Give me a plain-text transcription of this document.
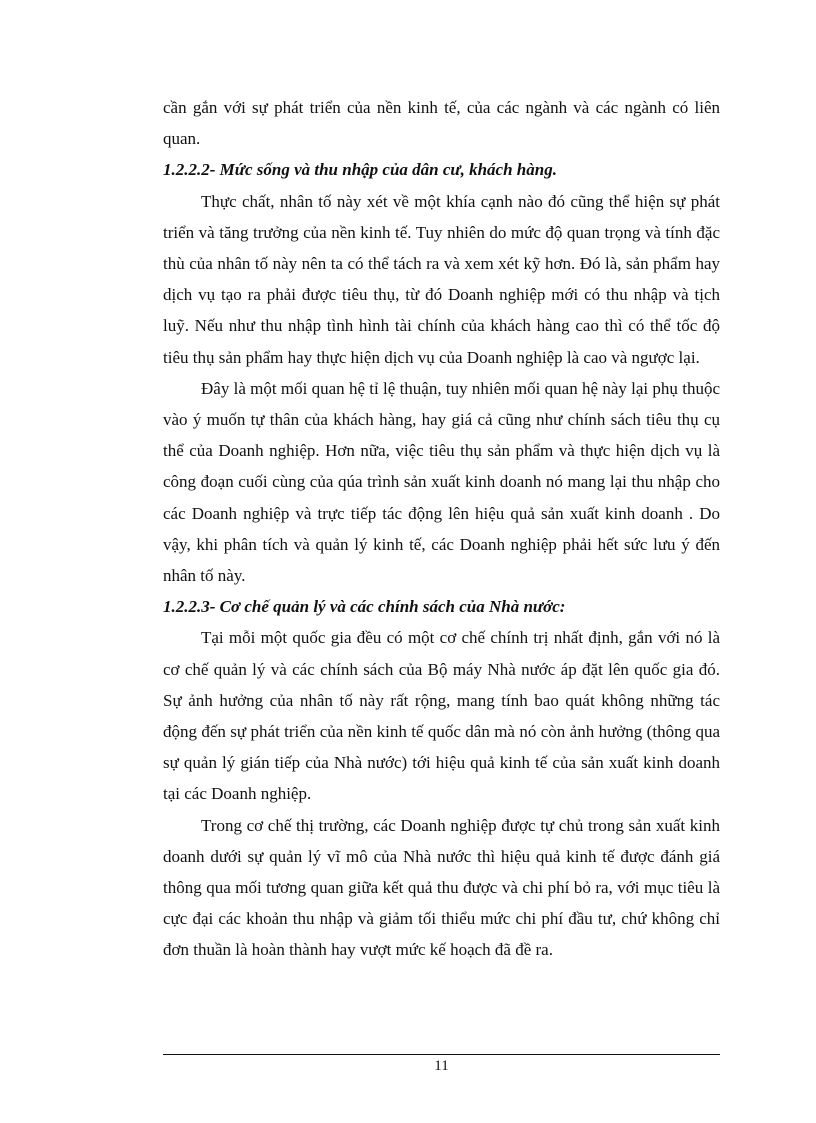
cần gắn với sự phát triển của nền kinh tế, của các ngành và các ngành có liên quan.

1.2.2.2- Mức sống và thu nhập của dân cư, khách hàng.

Thực chất, nhân tố này xét về một khía cạnh nào đó cũng thể hiện sự phát triển và tăng trưởng của nền kinh tế. Tuy nhiên do mức độ quan trọng và tính đặc thù của nhân tố này nên ta có thể tách ra và xem xét kỹ hơn. Đó là, sản phẩm hay dịch vụ tạo ra phải được tiêu thụ, từ đó Doanh nghiệp mới có thu nhập và tịch luỹ. Nếu như thu nhập tình hình tài chính của khách hàng cao thì có thể tốc độ tiêu thụ sản phẩm hay thực hiện dịch vụ của Doanh nghiệp là cao và ngược lại.

Đây là một mối quan hệ tỉ lệ thuận, tuy nhiên mối quan hệ này lại phụ thuộc vào ý muốn tự thân của khách hàng, hay giá cả cũng như chính sách tiêu thụ cụ thể của Doanh nghiệp. Hơn nữa, việc tiêu thụ sản phẩm và thực hiện dịch vụ là công đoạn cuối cùng của qúa trình sản xuất kinh doanh nó mang lại thu nhập cho các Doanh nghiệp và trực tiếp tác động lên hiệu quả sản xuất kinh doanh . Do vậy, khi phân tích và quản lý kinh tế, các Doanh nghiệp phải hết sức lưu ý đến nhân tố này.

1.2.2.3- Cơ chế quản lý và các chính sách của Nhà nước:

Tại mỗi một quốc gia đều có một cơ chế chính trị nhất định, gắn với nó là cơ chế quản lý và các chính sách của Bộ máy Nhà nước áp đặt lên quốc gia đó. Sự ảnh hưởng của nhân tố này rất rộng, mang tính bao quát không những tác động đến sự phát triển của nền kinh tế quốc dân mà nó còn ảnh hưởng (thông qua sự quản lý gián tiếp của Nhà nước) tới hiệu quả kinh tế của sản xuất kinh doanh tại các Doanh nghiệp.

Trong cơ chế thị trường, các Doanh nghiệp được tự chủ trong sản xuất kinh doanh dưới sự quản lý vĩ mô của Nhà nước thì hiệu quả kinh tế được đánh giá thông qua mối tương quan giữa kết quả thu được và chi phí bỏ ra, với mục tiêu là cực đại các khoản thu nhập và giảm tối thiểu mức chi phí đầu tư, chứ không chỉ đơn thuần là hoàn thành hay vượt mức kế hoạch đã đề ra.

11
